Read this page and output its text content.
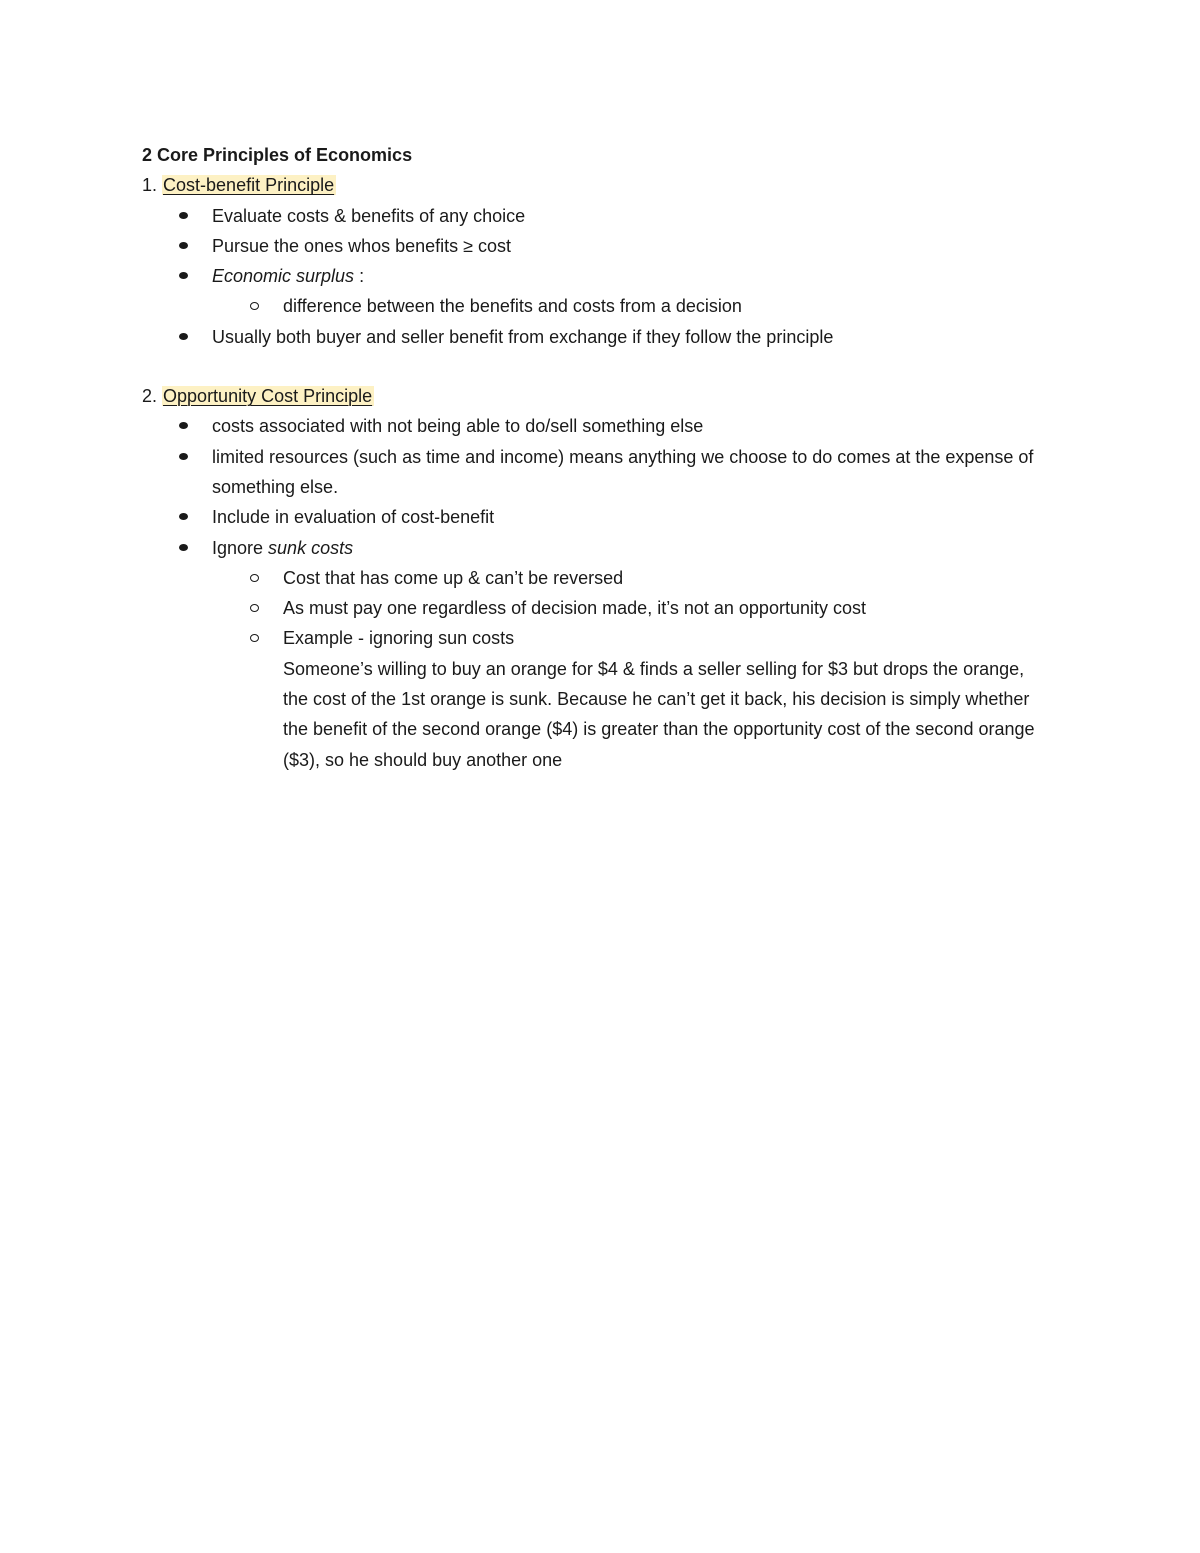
2 Core Principles of Economics

1. Cost-benefit Principle

Evaluate costs & benefits of any choice
Pursue the ones whos benefits ≥ cost
Economic surplus :
difference between the benefits and costs from a decision
Usually both buyer and seller benefit from exchange if they follow the principle

2. Opportunity Cost Principle

costs associated with not being able to do/sell something else
limited resources (such as time and income) means anything we choose to do comes at the expense of something else.
Include in evaluation of cost-benefit
Ignore sunk costs
Cost that has come up & can’t be reversed
As must pay one regardless of decision made, it’s not an opportunity cost
Example - ignoring sun costs
Someone’s willing to buy an orange for $4 & finds a seller selling for $3 but drops the orange, the cost of the 1st orange is sunk. Because he can’t get it back, his decision is simply whether the benefit of the second orange ($4) is greater than the opportunity cost of the second orange ($3), so he should buy another one
